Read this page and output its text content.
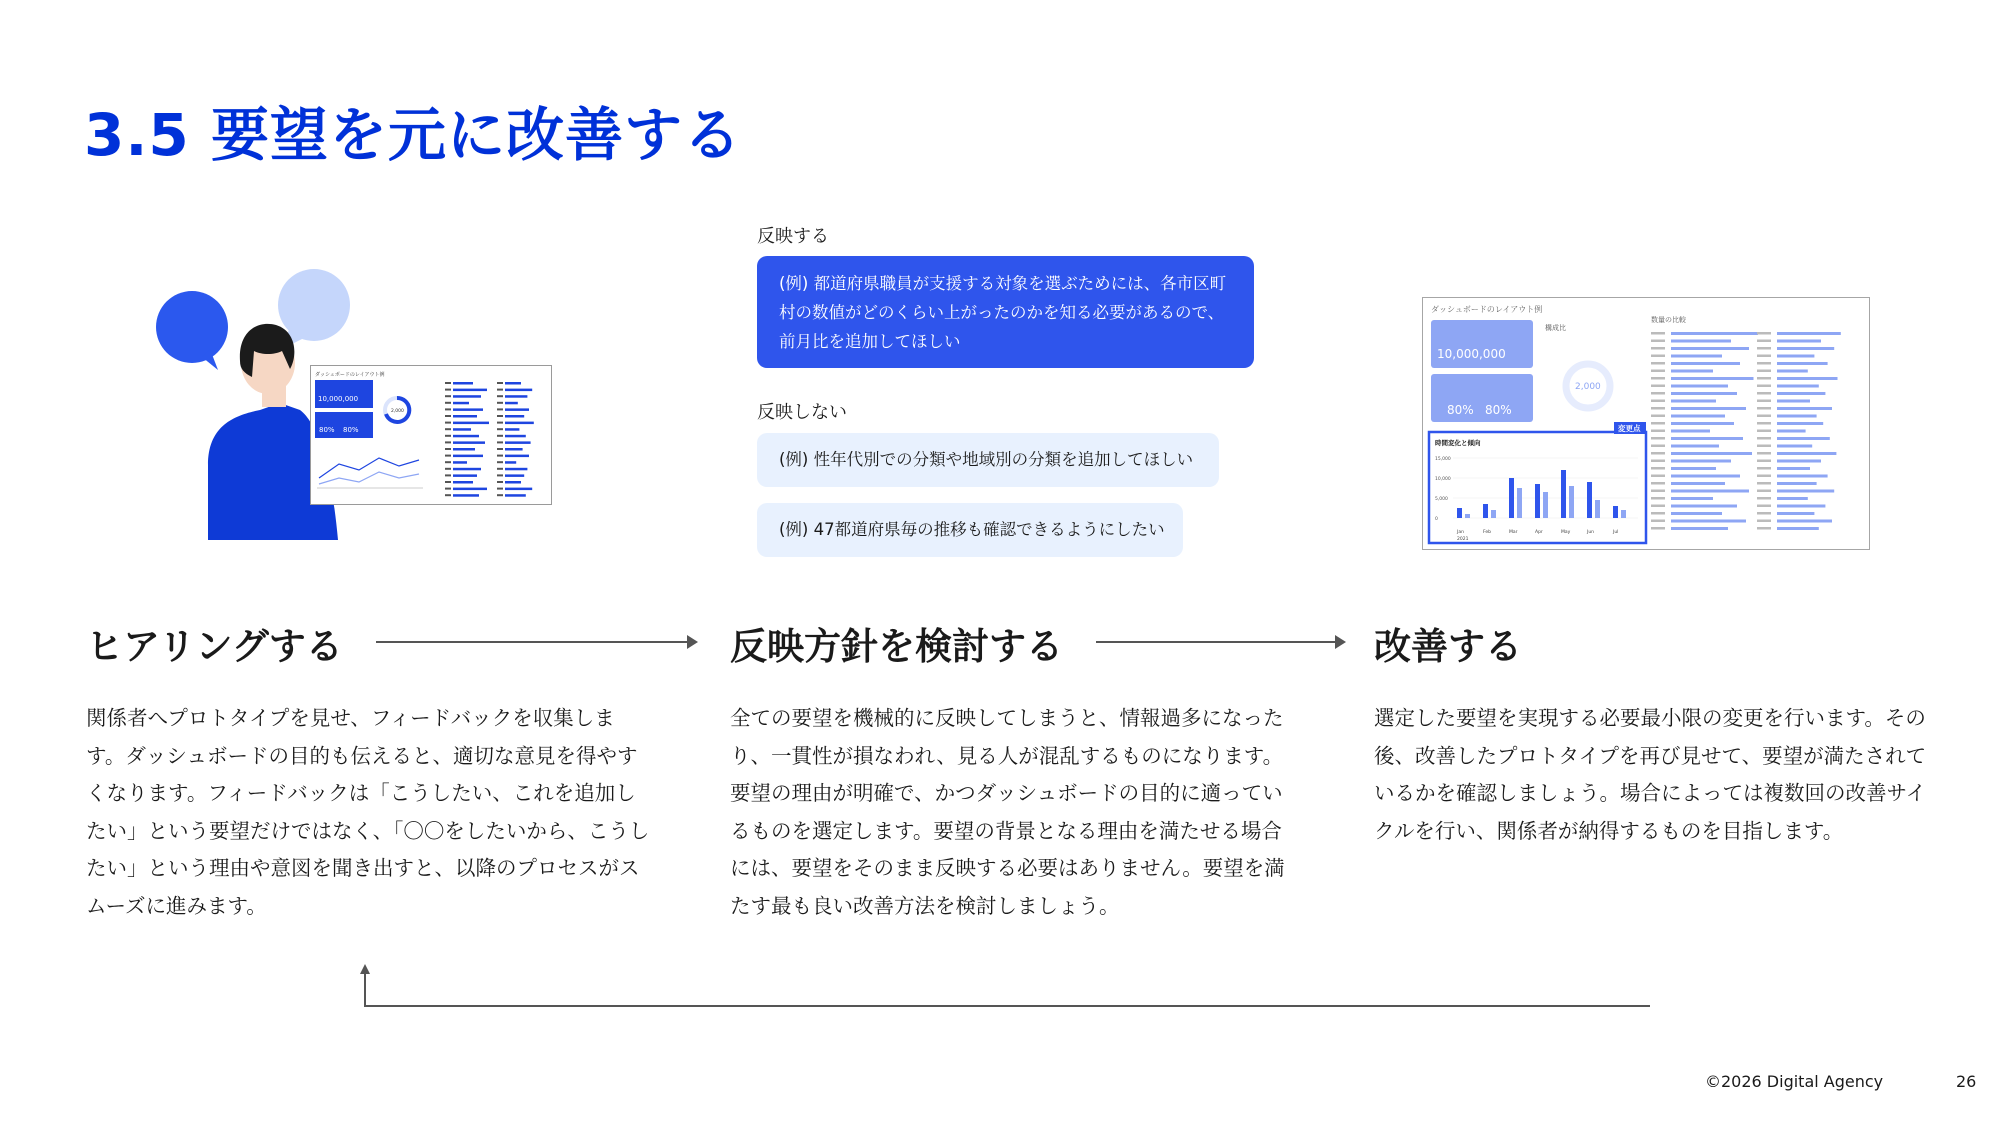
3.5 要望を元に改善する
ダッシュボードのレイアウト例
10,000,000
80% 80%
2,000
反映する
(例) 都道府県職員が支援する対象を選ぶためには、各市区町村の数値がどのくらい上がったのかを知る必要があるので、前月比を追加してほしい
反映しない
(例) 性年代別での分類や地域別の分類を追加してほしい
(例) 47都道府県毎の推移も確認できるようにしたい
ダッシュボードのレイアウト例
10,000,000
80% 80%
構成比
2,000
数量の比較
変更点
時間変化と傾向
15,000
10,000
5,000
0
Jan	Feb	Mar	Apr	May	Jun	Jul
2021
ヒアリングする	反映方針を検討する	改善する

関係者へプロトタイプを見せ、フィードバックを収集します。ダッシュボードの目的も伝えると、適切な意見を得やすくなります。フィードバックは「こうしたい、これを追加したい」という要望だけではなく、「〇〇をしたいから、こうしたい」という理由や意図を聞き出すと、以降のプロセスがスムーズに進みます。

全ての要望を機械的に反映してしまうと、情報過多になったり、一貫性が損なわれ、見る人が混乱するものになります。要望の理由が明確で、かつダッシュボードの目的に適っているものを選定します。要望の背景となる理由を満たせる場合には、要望をそのまま反映する必要はありません。要望を満たす最も良い改善方法を検討しましょう。

選定した要望を実現する必要最小限の変更を行います。その後、改善したプロトタイプを再び見せて、要望が満たされているかを確認しましょう。場合によっては複数回の改善サイクルを行い、関係者が納得するものを目指します。

©2026 Digital Agency	26
